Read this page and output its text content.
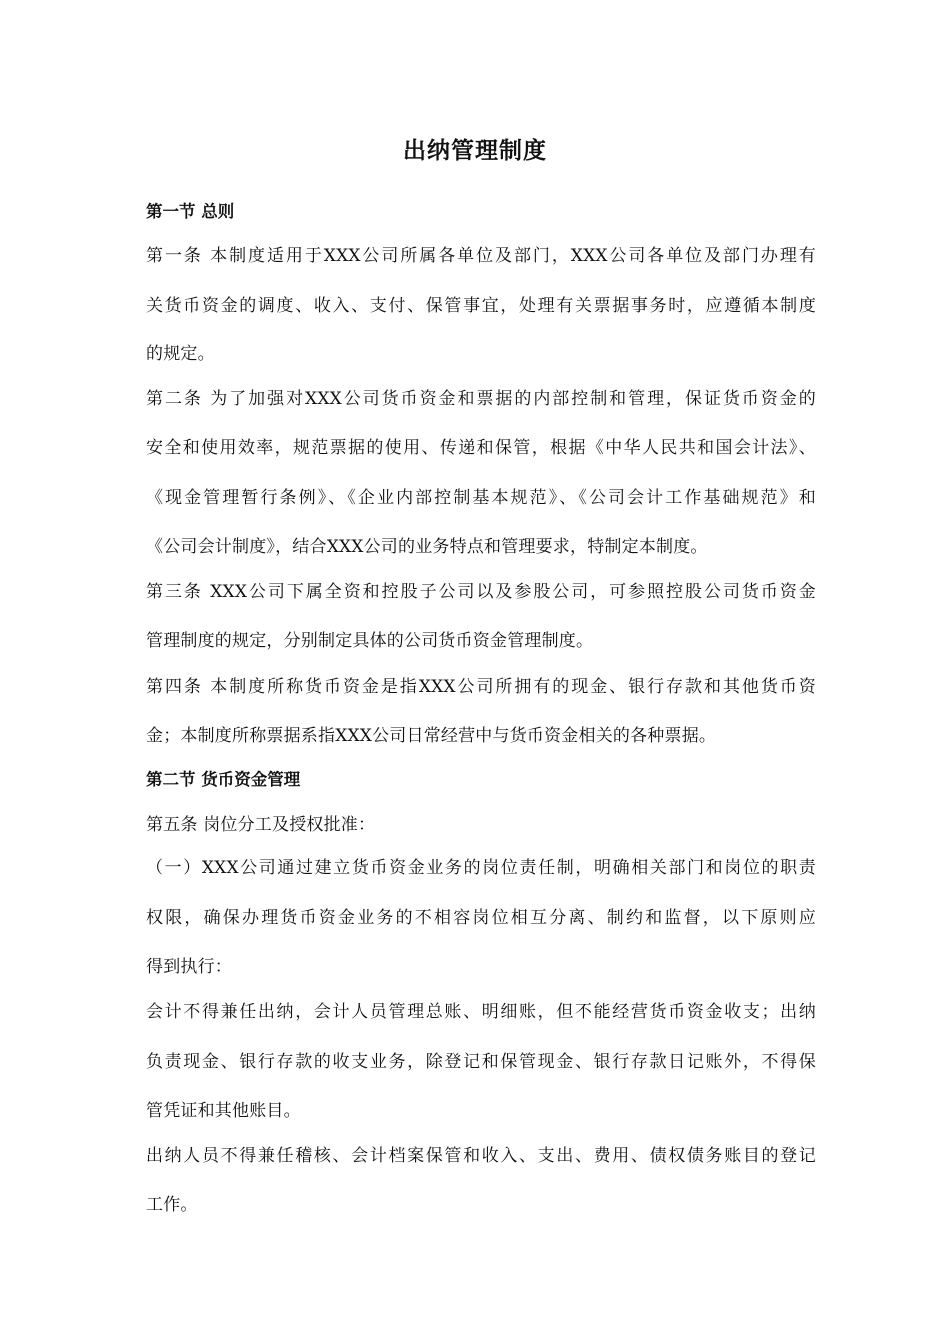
出纳管理制度
第一节 总则
第一条 本制度适用于XXX公司所属各单位及部门，XXX公司各单位及部门办理有
关货币资金的调度、收入、支付、保管事宜，处理有关票据事务时，应遵循本制度
的规定。
第二条 为了加强对XXX公司货币资金和票据的内部控制和管理，保证货币资金的
安全和使用效率，规范票据的使用、传递和保管，根据《中华人民共和国会计法》、
《现金管理暂行条例》、《企业内部控制基本规范》、《公司会计工作基础规范》和
《公司会计制度》，结合XXX公司的业务特点和管理要求，特制定本制度。
第三条 XXX公司下属全资和控股子公司以及参股公司，可参照控股公司货币资金
管理制度的规定，分别制定具体的公司货币资金管理制度。
第四条 本制度所称货币资金是指XXX公司所拥有的现金、银行存款和其他货币资
金；本制度所称票据系指XXX公司日常经营中与货币资金相关的各种票据。
第二节 货币资金管理
第五条 岗位分工及授权批准：
（一）XXX公司通过建立货币资金业务的岗位责任制，明确相关部门和岗位的职责
权限，确保办理货币资金业务的不相容岗位相互分离、制约和监督，以下原则应
得到执行：
会计不得兼任出纳，会计人员管理总账、明细账，但不能经营货币资金收支；出纳
负责现金、银行存款的收支业务，除登记和保管现金、银行存款日记账外，不得保
管凭证和其他账目。
出纳人员不得兼任稽核、会计档案保管和收入、支出、费用、债权债务账目的登记
工作。
